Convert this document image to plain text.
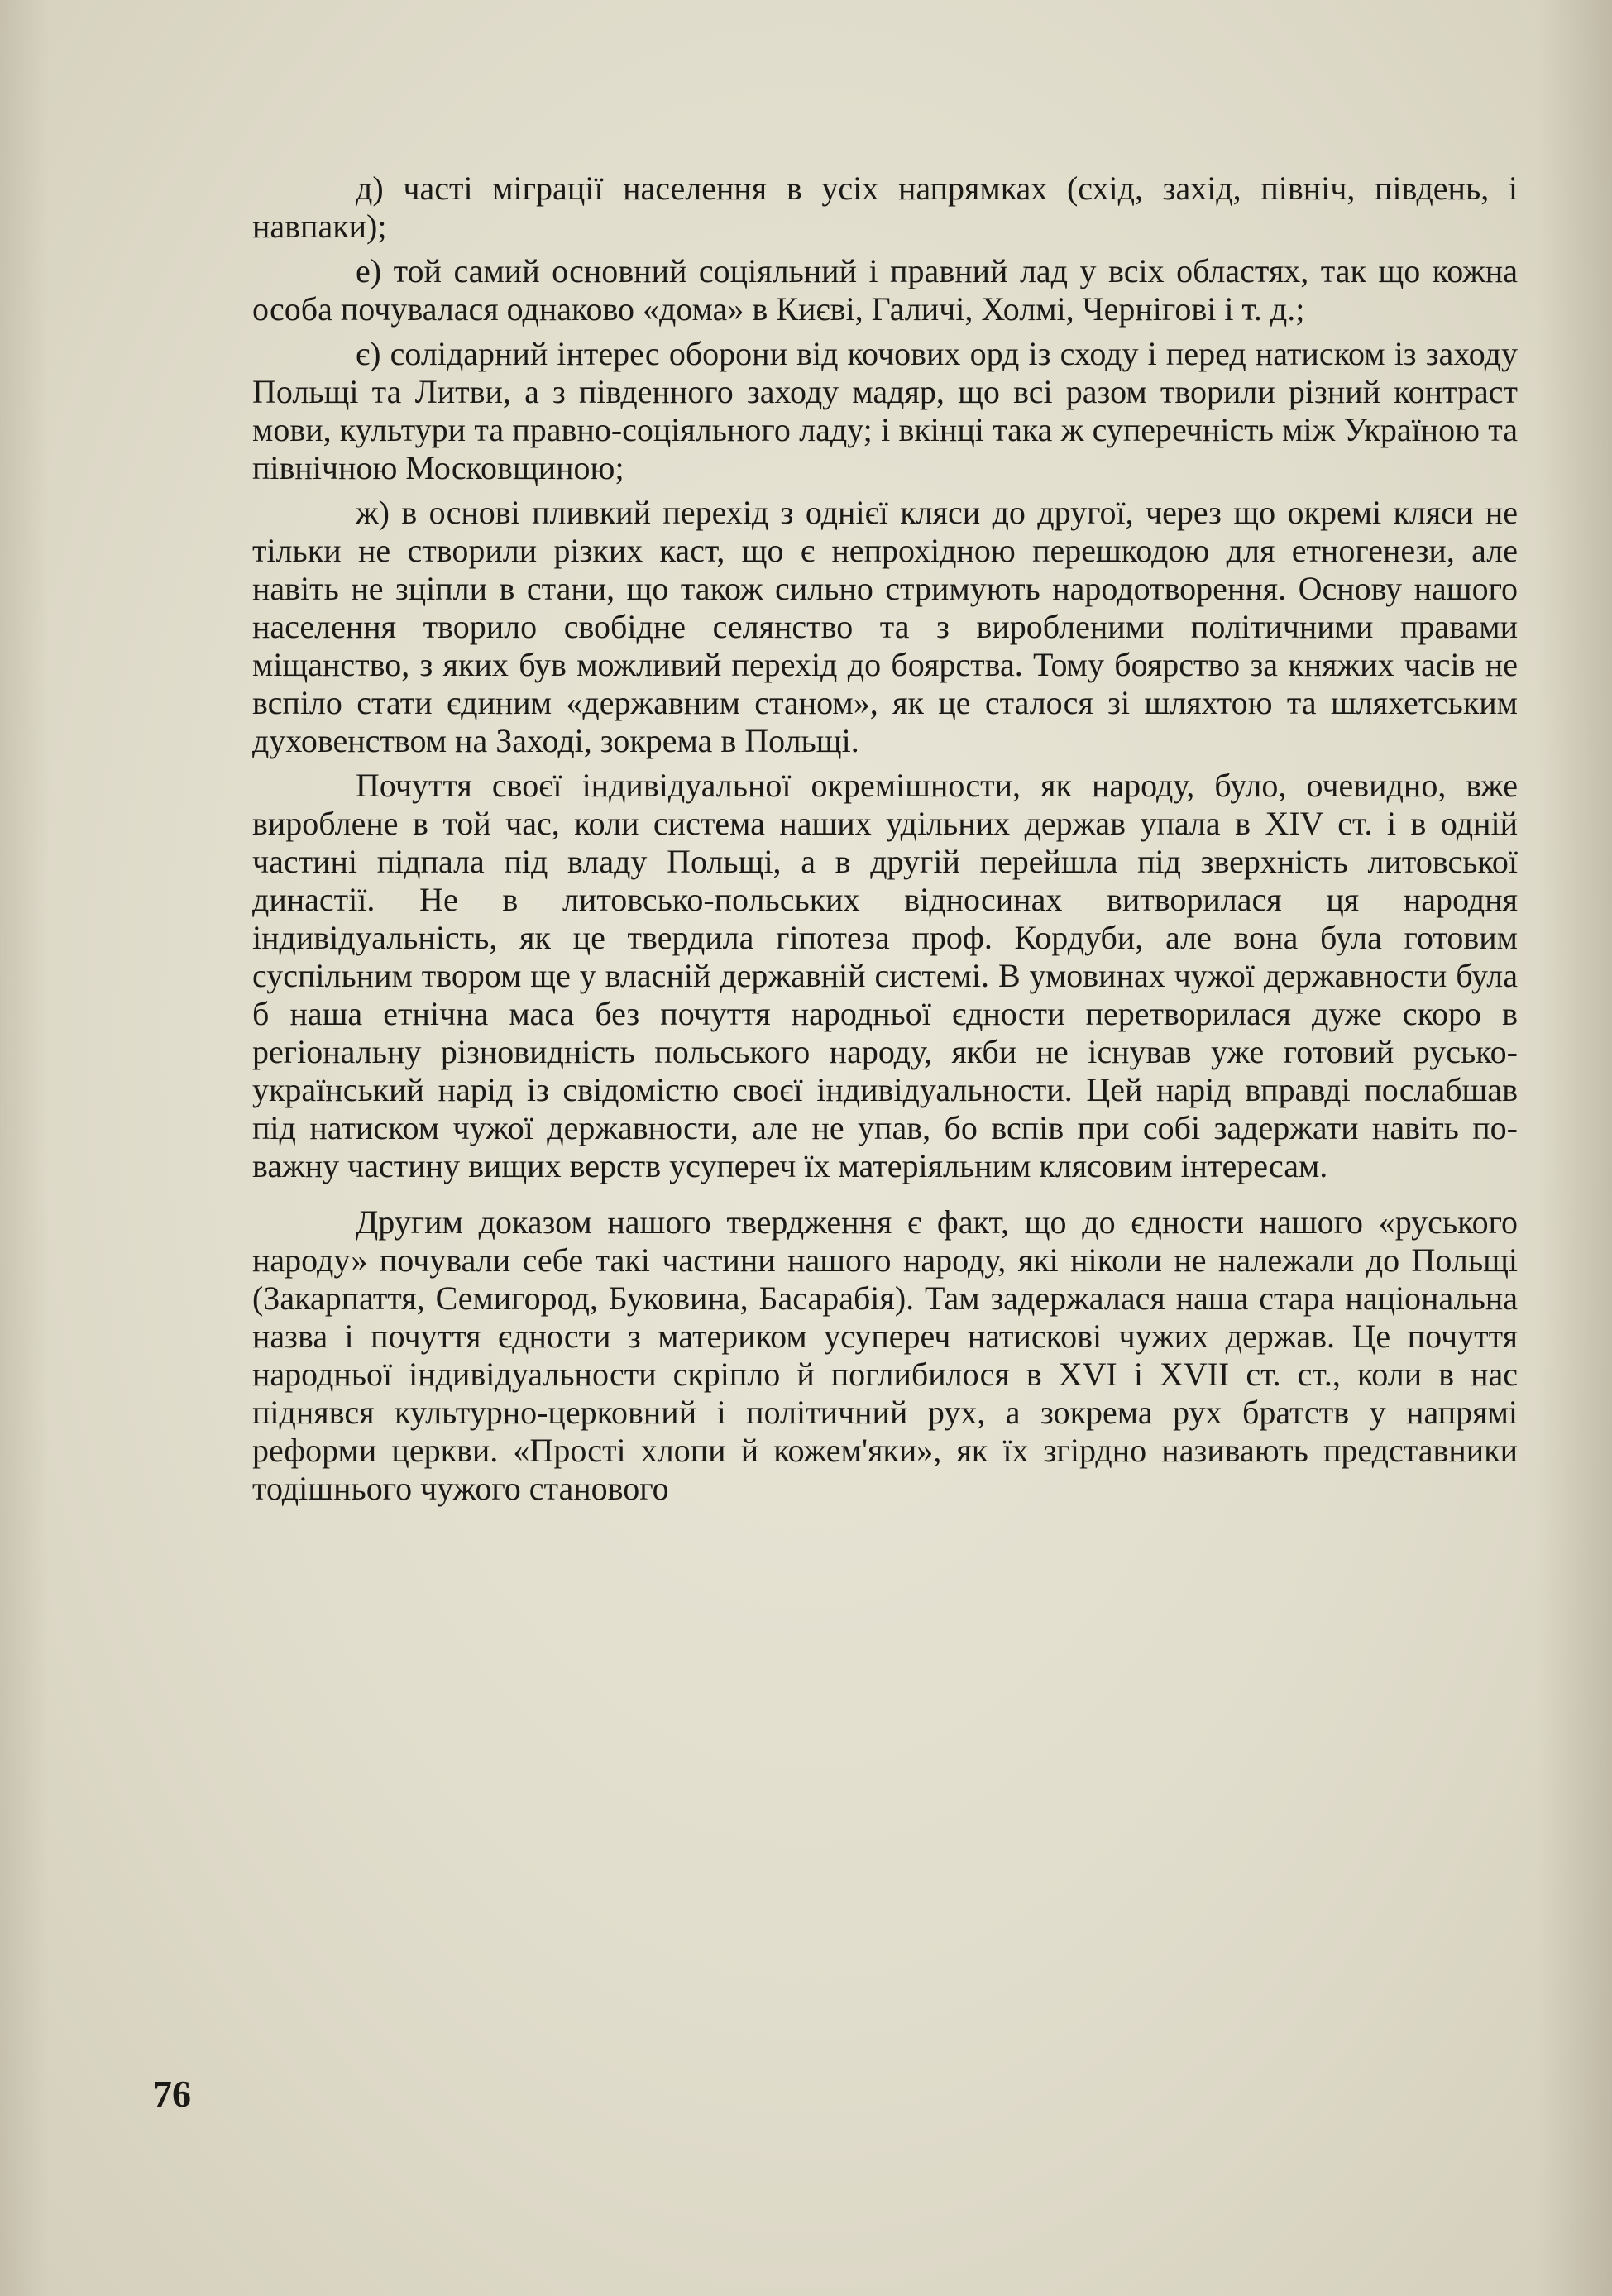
д) часті міграції населення в усіх напрямках (схід, захід, північ, південь, і навпаки);

е) той самий основний соціяльний і правний лад у всіх областях, так що кожна особа почувалася однаково «дома» в Києві, Галичі, Холмі, Чернігові і т. д.;

є) солідарний інтерес оборони від кочових орд із сходу і перед натиском із заходу Польщі та Литви, а з південного заходу мадяр, що всі разом творили різний контраст мови, культури та правно-соціяльного ладу; і вкінці така ж суперечність між Україною та північною Московщиною;

ж) в основі пливкий перехід з однієї кляси до другої, через що окремі кляси не тільки не створили різких каст, що є непрохідною перешкодою для етногенези, але навіть не зціпли в стани, що також сильно стримують народотворення. Основу нашого населення творило свобідне селянство та з виробленими політичними правами міщанство, з яких був можливий перехід до боярства. Тому боярство за княжих часів не вспіло стати єдиним «державним станом», як це сталося зі шляхтою та шляхетським духовенством на Заході, зокрема в Польщі.

Почуття своєї індивідуальної окремішности, як народу, було, очевидно, вже вироблене в той час, коли система наших удільних держав упала в XIV ст. і в одній частині підпала під владу Польщі, а в другій перейшла під зверхність литовської династії. Не в литовсько-польських відносинах витворилася ця народня індивідуальність, як це твердила гіпотеза проф. Кордуби, але вона була готовим суспільним твором ще у власній державній системі. В умовинах чужої державности була б наша етнічна маса без почуття народньої єдности перетворилася дуже скоро в регіональну різновидність польського народу, якби не існував уже готовий русько-український нарід із свідомістю своєї індивідуальности. Цей нарід вправді послабшав під натиском чужої державности, але не упав, бо вспів при собі задержати навіть поважну частину вищих верств усупереч їх матеріяльним клясовим інтересам.

Другим доказом нашого твердження є факт, що до єдности нашого «руського народу» почували себе такі частини нашого народу, які ніколи не належали до Польщі (Закарпаття, Семигород, Буковина, Басарабія). Там задержалася наша стара національна назва і почуття єдности з материком усупереч натискові чужих держав. Це почуття народньої індивідуальности скріпло й поглибилося в XVI і XVII ст. ст., коли в нас піднявся культурно-церковний і політичний рух, а зокрема рух братств у напрямі реформи церкви. «Прості хлопи й кожем'яки», як їх згірдно називають представники тодішнього чужого станового

76
